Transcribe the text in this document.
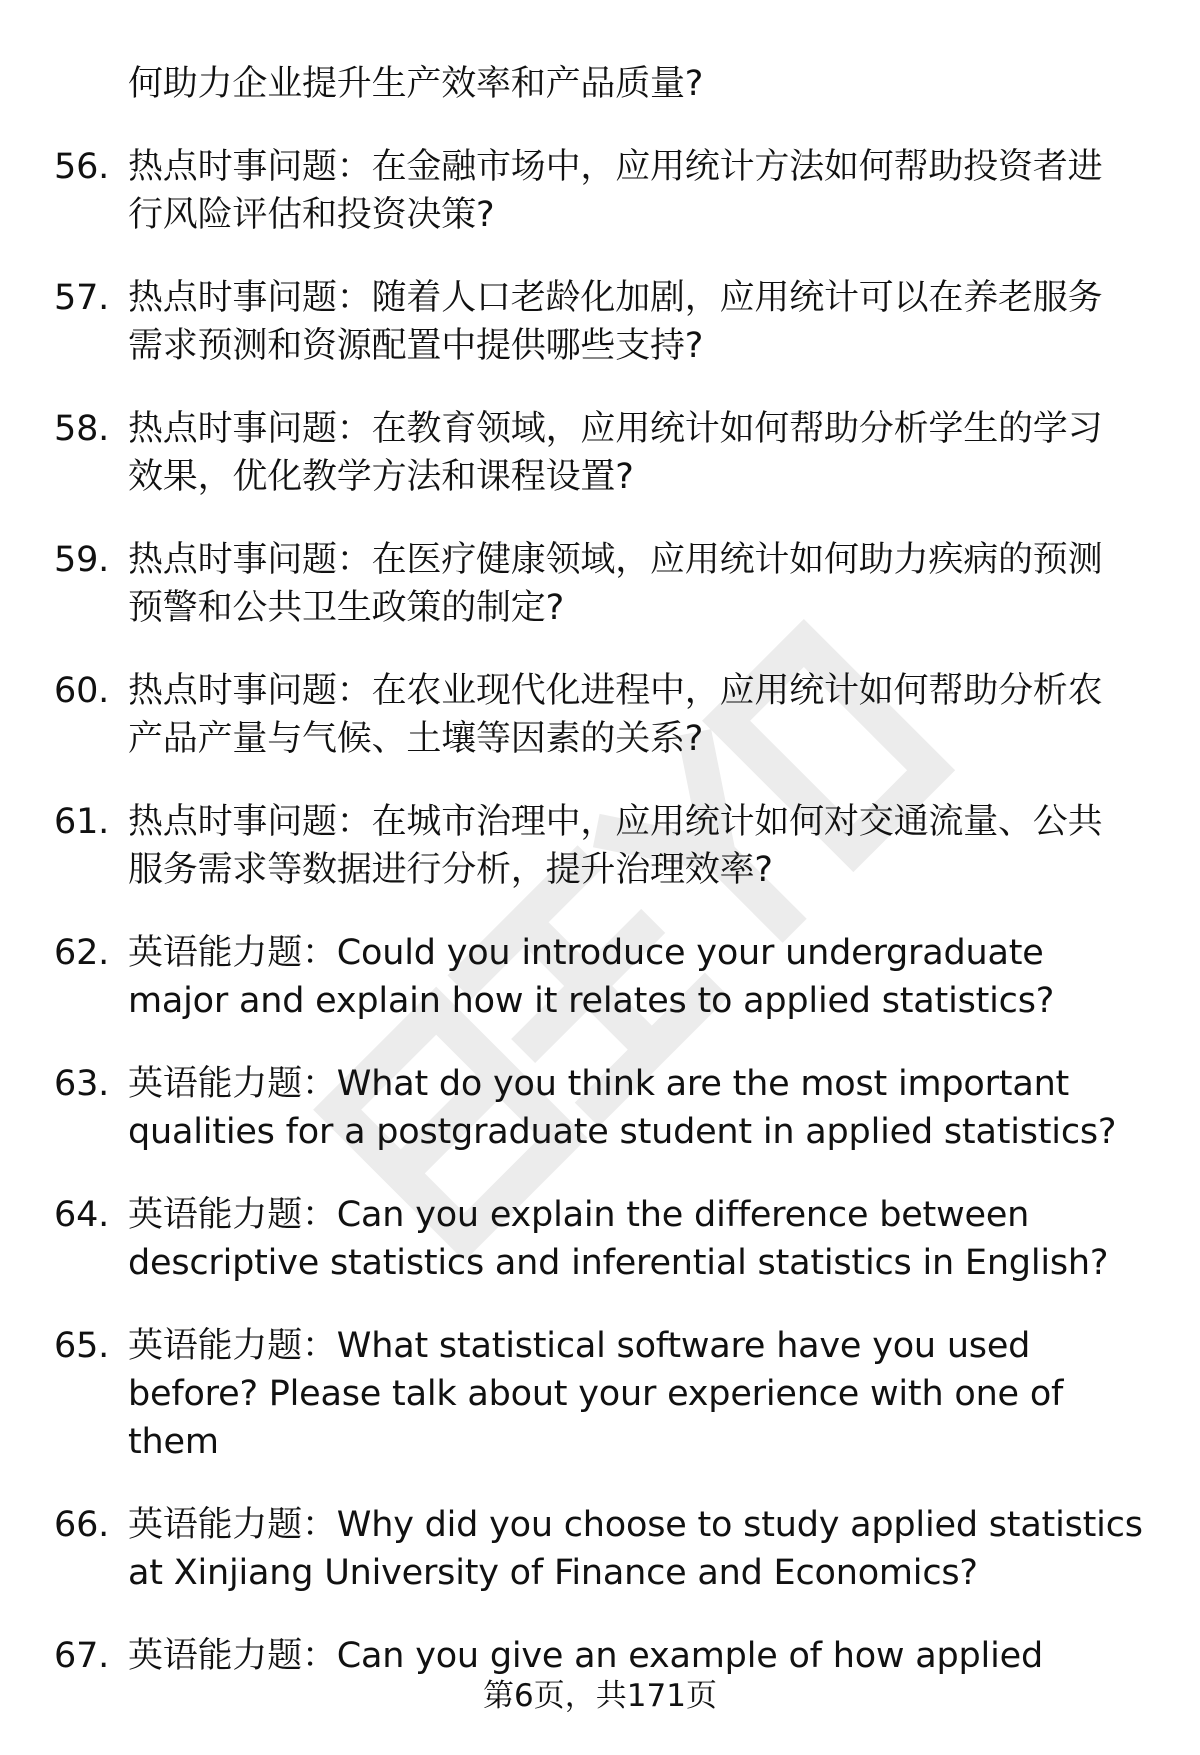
何助力企业提升生产效率和产品质量?
56. 热点时事问题：在金融市场中，应用统计方法如何帮助投资者进
行风险评估和投资决策?
57. 热点时事问题：随着人口老龄化加剧，应用统计可以在养老服务
需求预测和资源配置中提供哪些支持?
58. 热点时事问题：在教育领域，应用统计如何帮助分析学生的学习
效果，优化教学方法和课程设置?
59. 热点时事问题：在医疗健康领域，应用统计如何助力疾病的预测
预警和公共卫生政策的制定?
60. 热点时事问题：在农业现代化进程中，应用统计如何帮助分析农
产品产量与气候、土壤等因素的关系?
61. 热点时事问题：在城市治理中，应用统计如何对交通流量、公共
服务需求等数据进行分析，提升治理效率?
62. 英语能力题：Could you introduce your undergraduate
major and explain how it relates to applied statistics?
63. 英语能力题：What do you think are the most important
qualities for a postgraduate student in applied statistics?
64. 英语能力题：Can you explain the difference between
descriptive statistics and inferential statistics in English?
65. 英语能力题：What statistical software have you used
before? Please talk about your experience with one of them
66. 英语能力题：Why did you choose to study applied statistics
at Xinjiang University of Finance and Economics?
67. 英语能力题：Can you give an example of how applied
第6页，共171页
